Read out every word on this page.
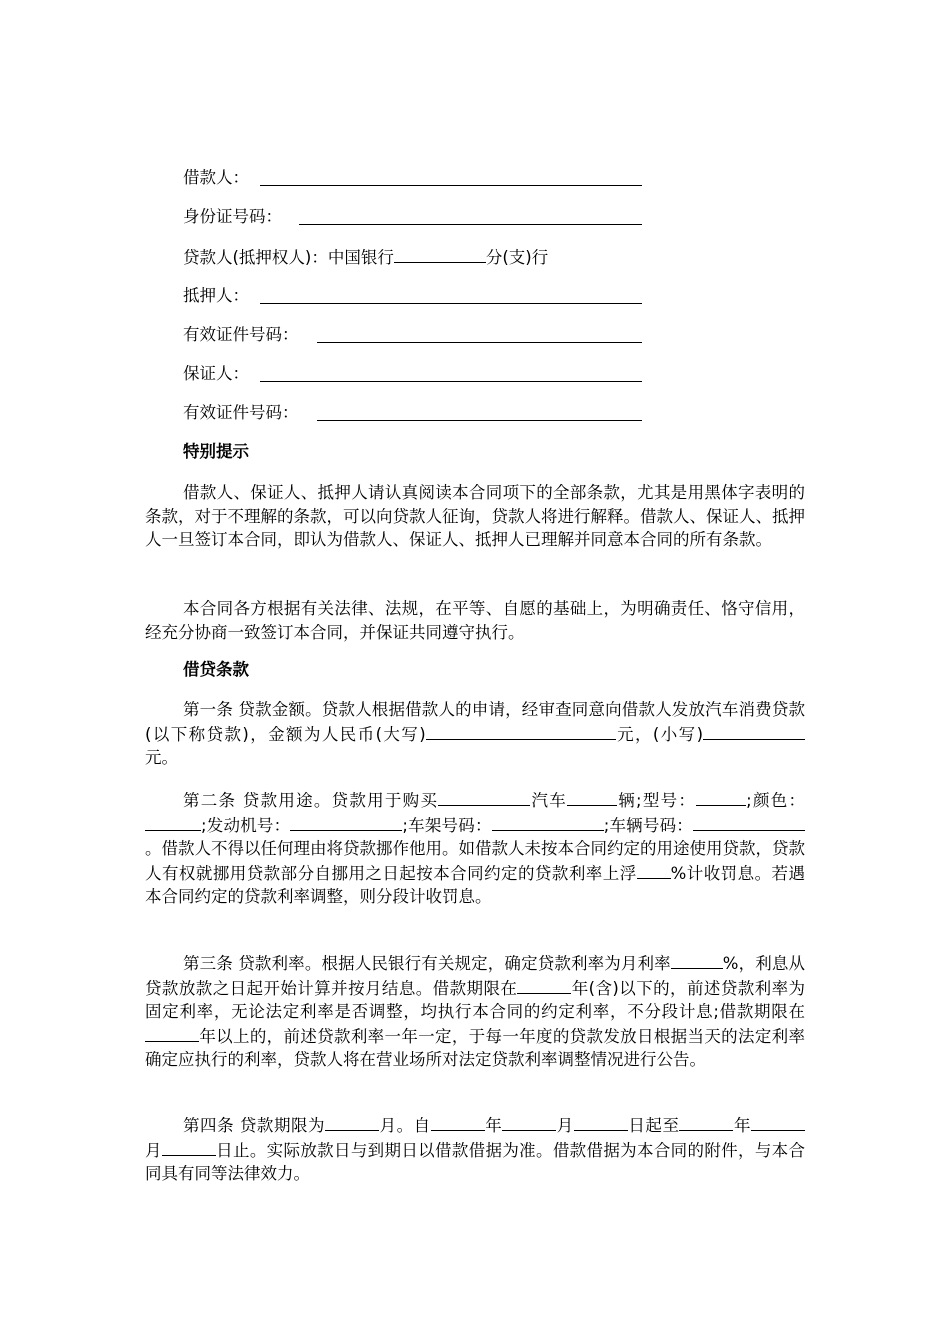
借款人：
身份证号码：
贷款人(抵押权人)：中国银行	分(支)行
抵押人：
有效证件号码：
保证人：
有效证件号码：
特别提示
借款人、保证人、抵押人请认真阅读本合同项下的全部条款，尤其是用黑体字表明的条款，对于不理解的条款，可以向贷款人征询，贷款人将进行解释。借款人、保证人、抵押人一旦签订本合同，即认为借款人、保证人、抵押人已理解并同意本合同的所有条款。
本合同各方根据有关法律、法规，在平等、自愿的基础上，为明确责任、恪守信用，经充分协商一致签订本合同，并保证共同遵守执行。
借贷条款
第一条 贷款金额。贷款人根据借款人的申请，经审查同意向借款人发放汽车消费贷款(以下称贷款)，金额为人民币(大写)	元，(小写)元。
第二条 贷款用途。贷款用于购买	汽车	辆;型号：	;颜色：;发动机号：	;车架号码：	;车辆号码：。借款人不得以任何理由将贷款挪作他用。如借款人未按本合同约定的用途使用贷款，贷款人有权就挪用贷款部分自挪用之日起按本合同约定的贷款利率上浮 %计收罚息。若遇本合同约定的贷款利率调整，则分段计收罚息。
第三条 贷款利率。根据人民银行有关规定，确定贷款利率为月利率	%，利息从贷款放款之日起开始计算并按月结息。借款期限在	年(含)以下的，前述贷款利率为固定利率，无论法定利率是否调整，均执行本合同的约定利率，不分段计息;借款期限在年以上的，前述贷款利率一年一定，于每一年度的贷款发放日根据当天的法定利率确定应执行的利率，贷款人将在营业场所对法定贷款利率调整情况进行公告。
第四条 贷款期限为	月。自	年	月	日起至	年月	日止。实际放款日与到期日以借款借据为准。借款借据为本合同的附件，与本合同具有同等法律效力。
